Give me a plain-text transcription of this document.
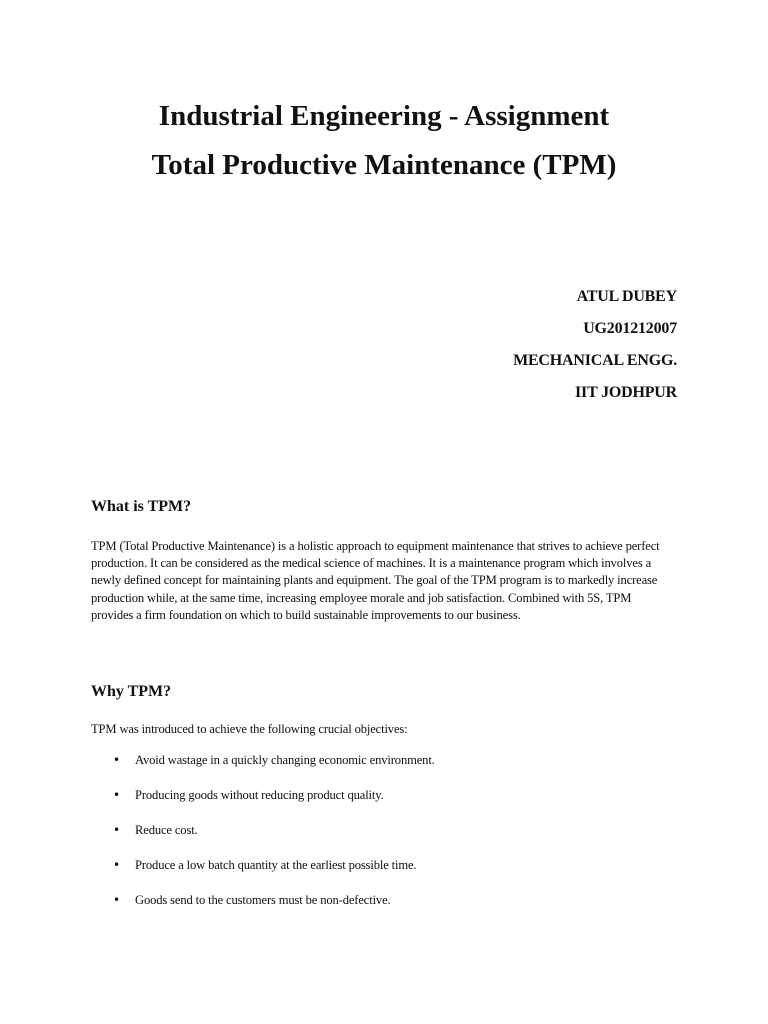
Industrial Engineering - Assignment

Total Productive Maintenance (TPM)

ATUL DUBEY

UG201212007

MECHANICAL ENGG.

IIT JODHPUR

What is TPM?

TPM (Total Productive Maintenance) is a holistic approach to equipment maintenance that strives to achieve perfect production. It can be considered as the medical science of machines. It is a maintenance program which involves a newly defined concept for maintaining plants and equipment. The goal of the TPM program is to markedly increase production while, at the same time, increasing employee morale and job satisfaction. Combined with 5S, TPM provides a firm foundation on which to build sustainable improvements to our business.

Why TPM?

TPM was introduced to achieve the following crucial objectives:

• Avoid wastage in a quickly changing economic environment.
• Producing goods without reducing product quality.
• Reduce cost.
• Produce a low batch quantity at the earliest possible time.
• Goods send to the customers must be non-defective.
